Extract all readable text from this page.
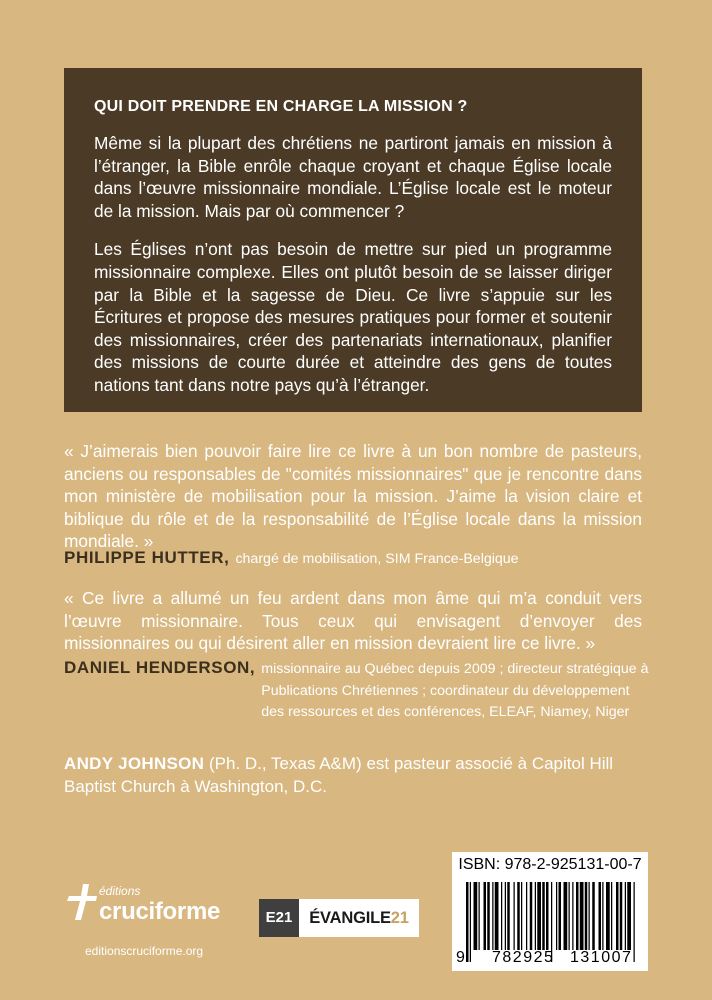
QUI DOIT PRENDRE EN CHARGE LA MISSION ?

Même si la plupart des chrétiens ne partiront jamais en mission à l’étranger, la Bible enrôle chaque croyant et chaque Église locale dans l’œuvre missionnaire mondiale. L’Église locale est le moteur de la mission. Mais par où commencer ?

Les Églises n’ont pas besoin de mettre sur pied un programme missionnaire complexe. Elles ont plutôt besoin de se laisser diriger par la Bible et la sagesse de Dieu. Ce livre s’appuie sur les Écritures et propose des mesures pratiques pour former et soutenir des missionnaires, créer des partenariats internationaux, planifier des missions de courte durée et atteindre des gens de toutes nations tant dans notre pays qu’à l’étranger.

« J’aimerais bien pouvoir faire lire ce livre à un bon nombre de pasteurs, anciens ou responsables de "comités missionnaires" que je rencontre dans mon ministère de mobilisation pour la mission. J’aime la vision claire et biblique du rôle et de la responsabilité de l’Église locale dans la mission mondiale. »
PHILIPPE HUTTER, chargé de mobilisation, SIM France-Belgique
« Ce livre a allumé un feu ardent dans mon âme qui m’a conduit vers l’œuvre missionnaire. Tous ceux qui envisagent d’envoyer des missionnaires ou qui désirent aller en mission devraient lire ce livre. »
DANIEL HENDERSON, missionnaire au Québec depuis 2009 ; directeur stratégique à Publications Chrétiennes ; coordinateur du développement des ressources et des conférences, ELEAF, Niamey, Niger
ANDY JOHNSON (Ph. D., Texas A&M) est pasteur associé à Capitol Hill Baptist Church à Washington, D.C.
éditions
cruciforme
editionscruciforme.org
E21	ÉVANGILE21
ISBN: 978-2-925131-00-7
9 782925 131007
